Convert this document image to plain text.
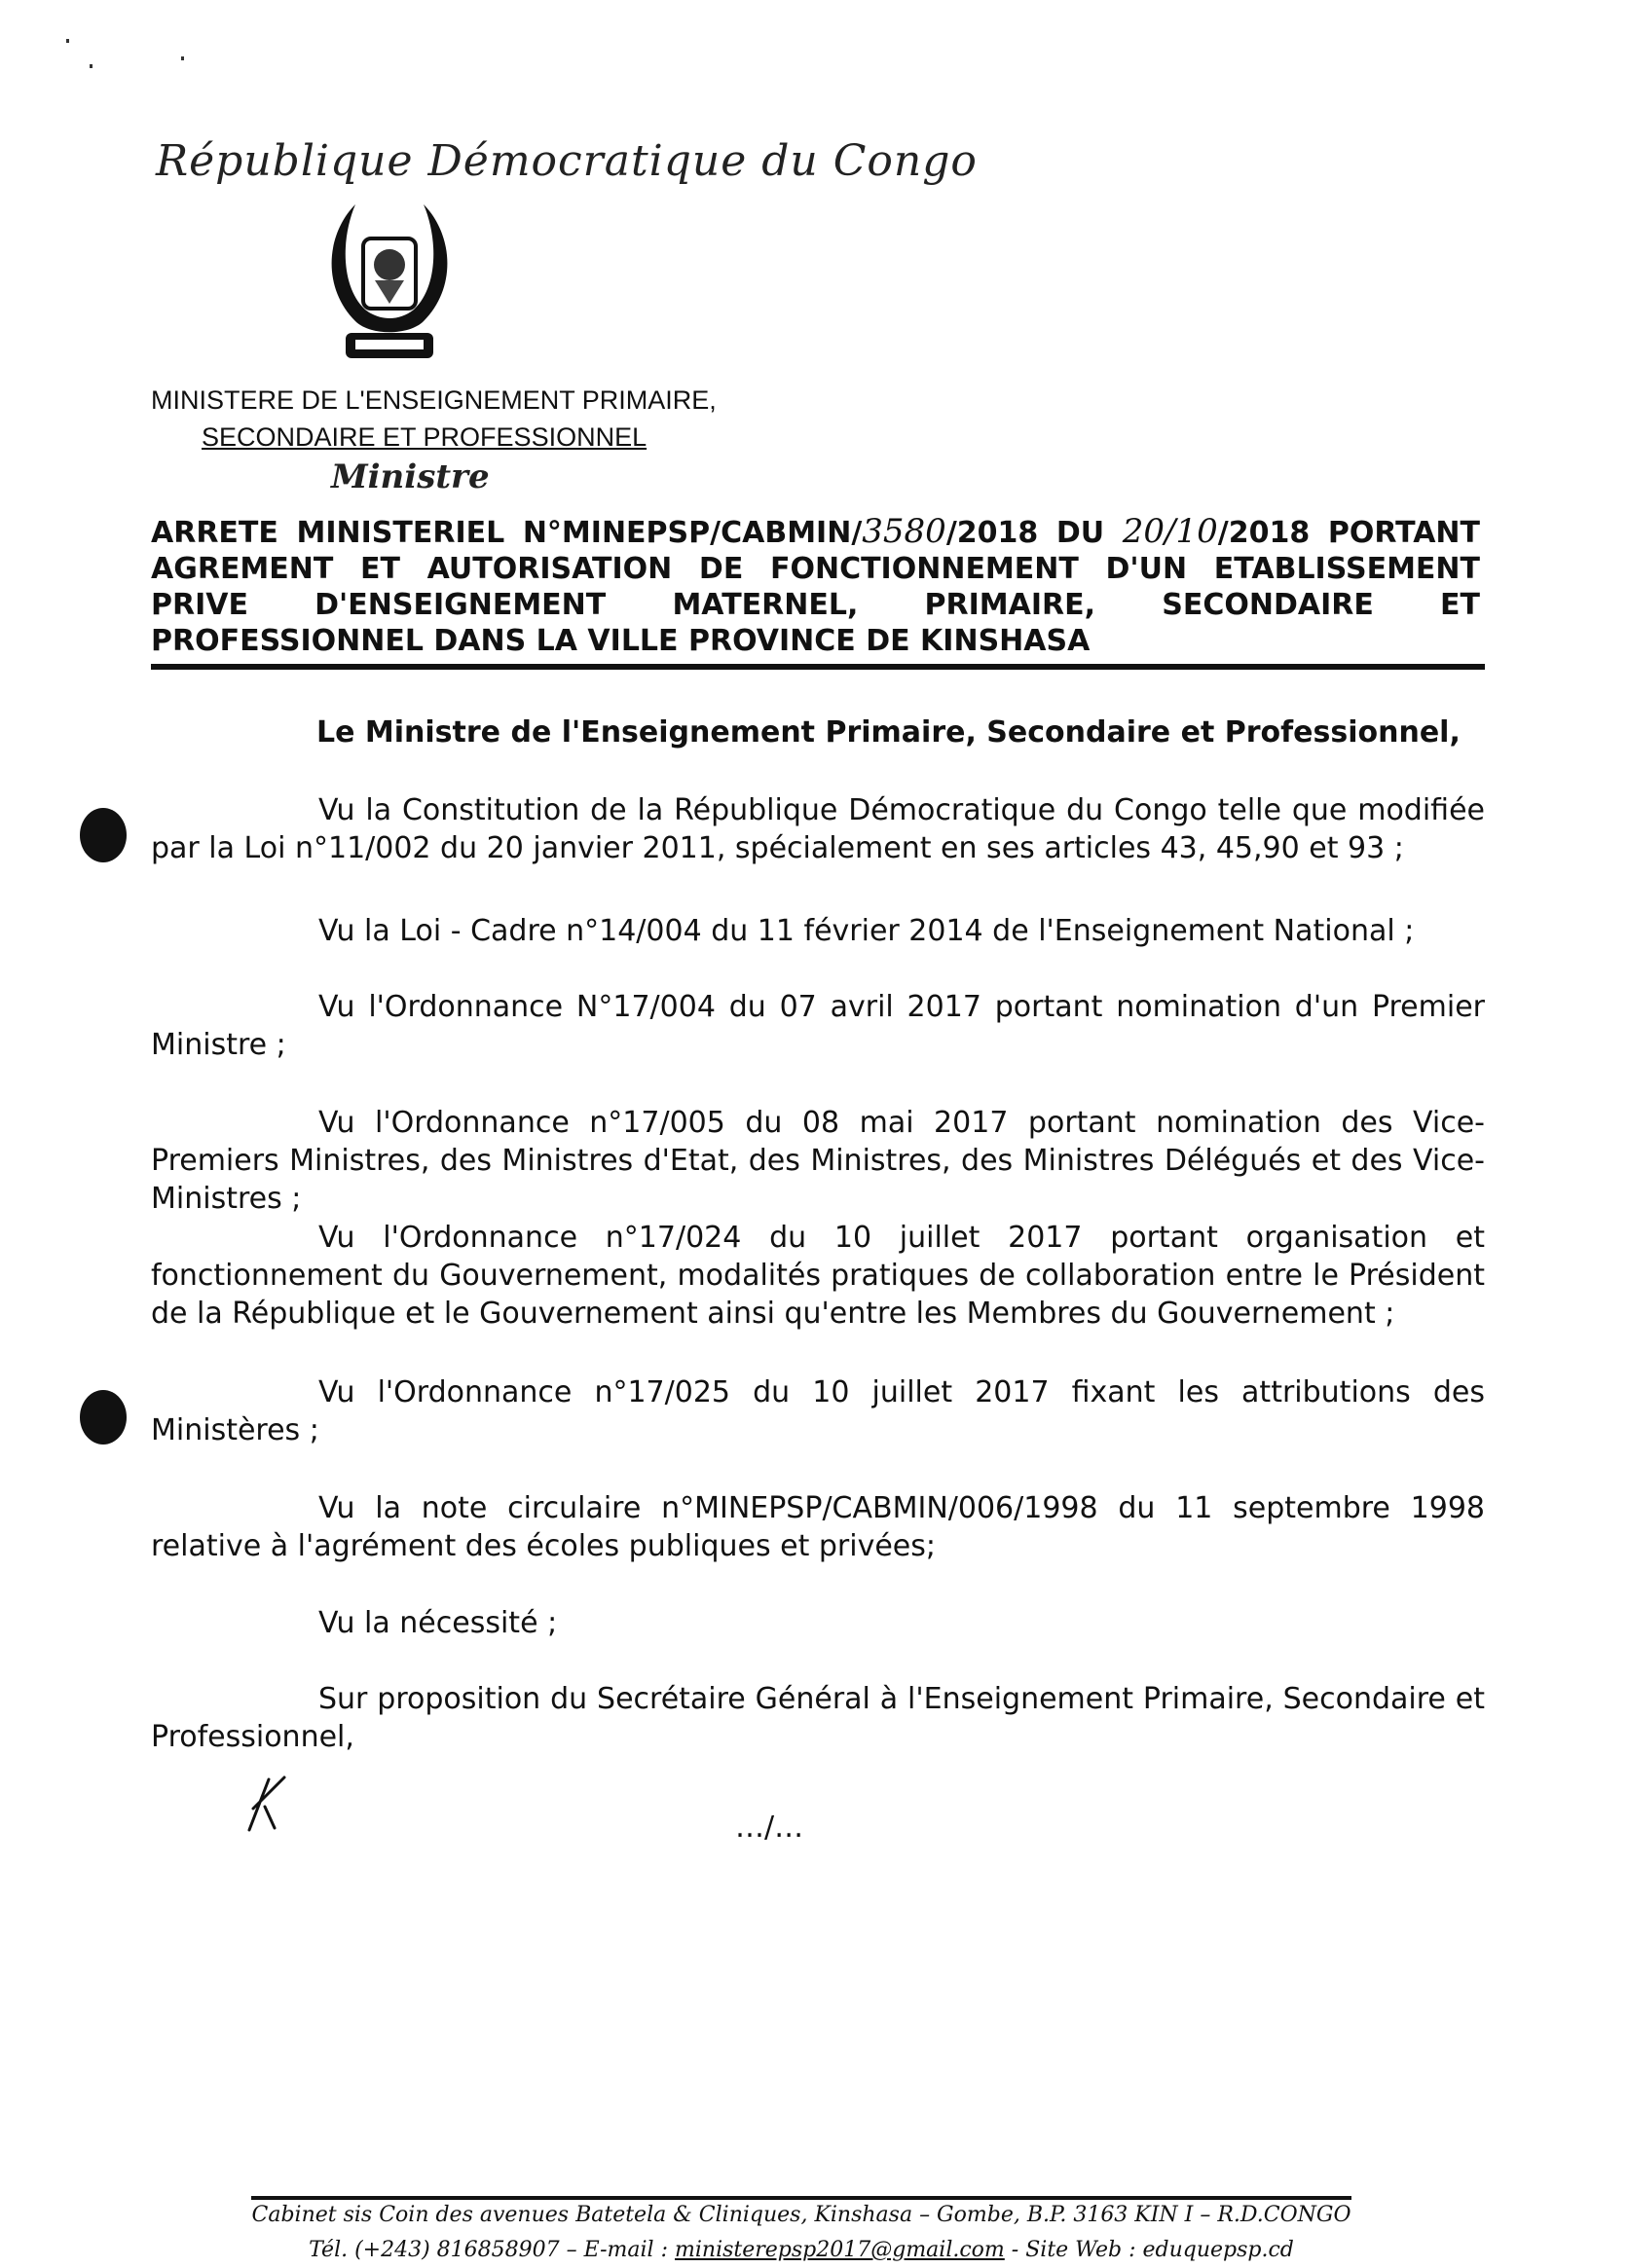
République Démocratique du Congo
MINISTERE DE L'ENSEIGNEMENT PRIMAIRE,

SECONDAIRE ET PROFESSIONNEL
Ministre
ARRETE MINISTERIEL N°MINEPSP/CABMIN/3580/2018 DU 20/10/2018 PORTANT AGREMENT ET AUTORISATION DE FONCTIONNEMENT D'UN ETABLISSEMENT PRIVE D'ENSEIGNEMENT MATERNEL, PRIMAIRE, SECONDAIRE ET PROFESSIONNEL DANS LA VILLE PROVINCE DE KINSHASA
Le Ministre de l'Enseignement Primaire, Secondaire et Professionnel,
Vu la Constitution de la République Démocratique du Congo telle que modifiée par la Loi n°11/002 du 20 janvier 2011, spécialement en ses articles 43, 45,90 et 93 ;
Vu la Loi - Cadre n°14/004 du 11 février 2014 de l'Enseignement National ;
Vu l'Ordonnance N°17/004 du 07 avril 2017 portant nomination d'un Premier Ministre ;
Vu l'Ordonnance n°17/005 du 08 mai 2017 portant nomination des Vice-Premiers Ministres, des Ministres d'Etat, des Ministres, des Ministres Délégués et des Vice-Ministres ;
Vu l'Ordonnance n°17/024 du 10 juillet 2017 portant organisation et fonctionnement du Gouvernement, modalités pratiques de collaboration entre le Président de la République et le Gouvernement ainsi qu'entre les Membres du Gouvernement ;
Vu l'Ordonnance n°17/025 du 10 juillet 2017 fixant les attributions des Ministères ;
Vu la note circulaire n°MINEPSP/CABMIN/006/1998 du 11 septembre 1998 relative à l'agrément des écoles publiques et privées;
Vu la nécessité ;
Sur proposition du Secrétaire Général à l'Enseignement Primaire, Secondaire et Professionnel,
…/…
Cabinet sis Coin des avenues Batetela & Cliniques, Kinshasa – Gombe, B.P. 3163 KIN I – R.D.CONGO
Tél. (+243) 816858907 – E-mail : ministerepsp2017@gmail.com - Site Web : eduquepsp.cd
